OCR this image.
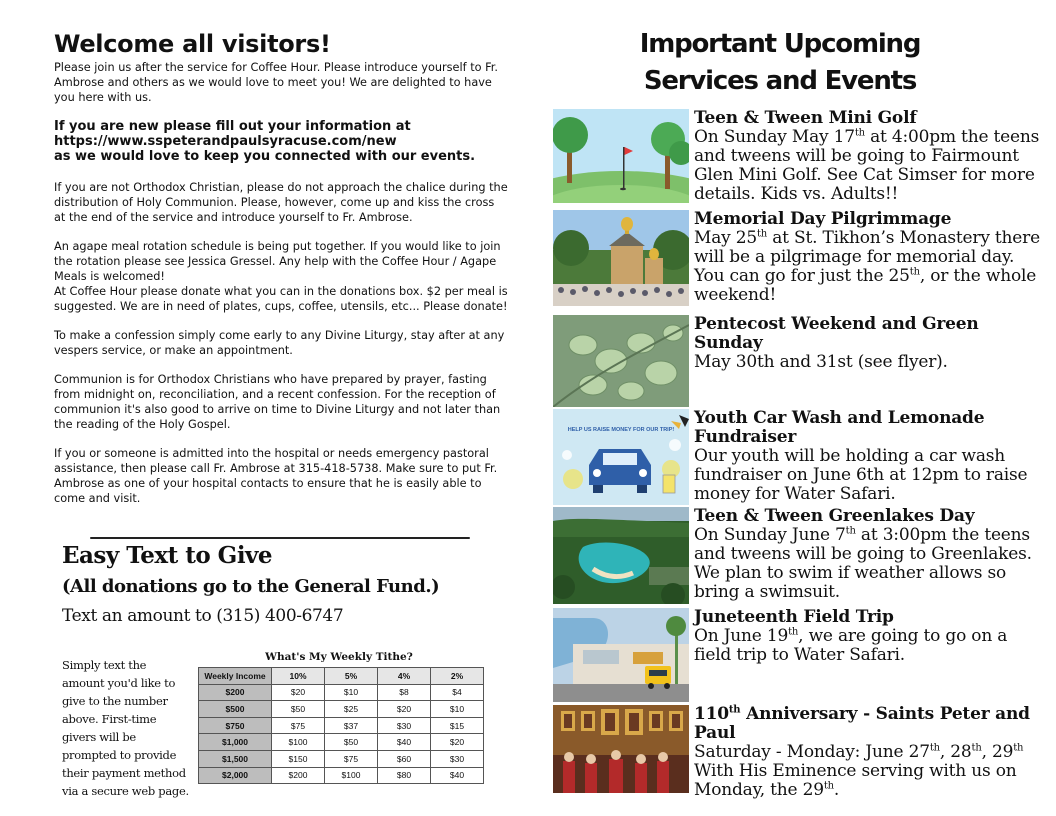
Welcome all visitors!

Please join us after the service for Coffee Hour. Please introduce yourself to Fr. Ambrose and others as we would love to meet you! We are delighted to have you here with us.

If you are new please fill out your information at
https://www.sspeterandpaulsyracuse.com/new
as we would love to keep you connected with our events.

If you are not Orthodox Christian, please do not approach the chalice during the distribution of Holy Communion. Please, however, come up and kiss the cross at the end of the service and introduce yourself to Fr. Ambrose.

An agape meal rotation schedule is being put together. If you would like to join the rotation please see Jessica Gressel. Any help with the Coffee Hour / Agape Meals is welcomed!

At Coffee Hour please donate what you can in the donations box. $2 per meal is suggested. We are in need of plates, cups, coffee, utensils, etc... Please donate!

To make a confession simply come early to any Divine Liturgy, stay after at any vespers service, or make an appointment.

Communion is for Orthodox Christians who have prepared by prayer, fasting from midnight on, reconciliation, and a recent confession. For the reception of communion it's also good to arrive on time to Divine Liturgy and not later than the reading of the Holy Gospel.

If you or someone is admitted into the hospital or needs emergency pastoral assistance, then please call Fr. Ambrose at 315-418-5738. Make sure to put Fr. Ambrose as one of your hospital contacts to ensure that he is easily able to come and visit.

Easy Text to Give
(All donations go to the General Fund.)

Text an amount to (315) 400-6747

Simply text the amount you'd like to give to the number above. First-time givers will be prompted to provide their payment method via a secure web page.

What's My Weekly Tithe?
Weekly Income	10%	5%	4%	2%
$200	$20	$10	$8	$4
$500	$50	$25	$20	$10
$750	$75	$37	$30	$15
$1,000	$100	$50	$40	$20
$1,500	$150	$75	$60	$30
$2,000	$200	$100	$80	$40
Important Upcoming
Services and Events
Teen & Tween Mini Golf
On Sunday May 17th at 4:00pm the teens and tweens will be going to Fairmount Glen Mini Golf. See Cat Simser for more details. Kids vs. Adults!!
Memorial Day Pilgrimmage
May 25th at St. Tikhon’s Monastery there will be a pilgrimage for memorial day. You can go for just the 25th, or the whole weekend!
Pentecost Weekend and Green Sunday
May 30th and 31st (see flyer).
HELP US RAISE MONEY FOR OUR TRIP!
Youth Car Wash and Lemonade Fundraiser
Our youth will be holding a car wash fundraiser on June 6th at 12pm to raise money for Water Safari.
Teen & Tween Greenlakes Day
On Sunday June 7th at 3:00pm the teens and tweens will be going to Greenlakes. We plan to swim if weather allows so bring a swimsuit.
Juneteenth Field Trip
On June 19th, we are going to go on a field trip to Water Safari.
110th Anniversary - Saints Peter and Paul
Saturday - Monday: June 27th, 28th, 29th With His Eminence serving with us on Monday, the 29th.
